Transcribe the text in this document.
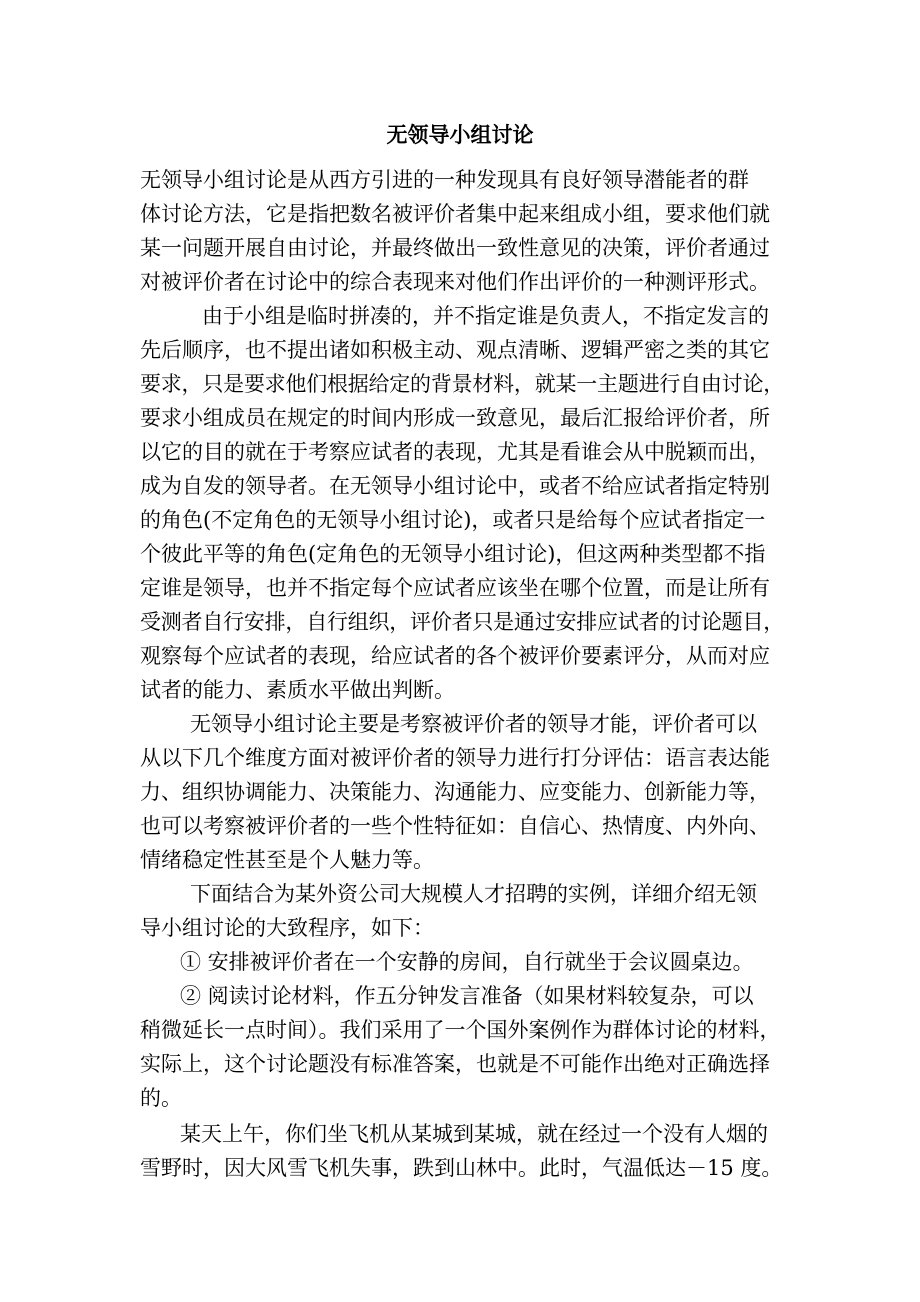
无领导小组讨论
无领导小组讨论是从西方引进的一种发现具有良好领导潜能者的群
体讨论方法，它是指把数名被评价者集中起来组成小组，要求他们就
某一问题开展自由讨论，并最终做出一致性意见的决策，评价者通过
对被评价者在讨论中的综合表现来对他们作出评价的一种测评形式。
由于小组是临时拼凑的，并不指定谁是负责人，不指定发言的
先后顺序，也不提出诸如积极主动、观点清晰、逻辑严密之类的其它
要求，只是要求他们根据给定的背景材料，就某一主题进行自由讨论，
要求小组成员在规定的时间内形成一致意见，最后汇报给评价者，所
以它的目的就在于考察应试者的表现，尤其是看谁会从中脱颖而出，
成为自发的领导者。在无领导小组讨论中，或者不给应试者指定特别
的角色(不定角色的无领导小组讨论)，或者只是给每个应试者指定一
个彼此平等的角色(定角色的无领导小组讨论)，但这两种类型都不指
定谁是领导，也并不指定每个应试者应该坐在哪个位置，而是让所有
受测者自行安排，自行组织，评价者只是通过安排应试者的讨论题目，
观察每个应试者的表现，给应试者的各个被评价要素评分，从而对应
试者的能力、素质水平做出判断。
无领导小组讨论主要是考察被评价者的领导才能，评价者可以
从以下几个维度方面对被评价者的领导力进行打分评估：语言表达能
力、组织协调能力、决策能力、沟通能力、应变能力、创新能力等，
也可以考察被评价者的一些个性特征如：自信心、热情度、内外向、
情绪稳定性甚至是个人魅力等。
下面结合为某外资公司大规模人才招聘的实例，详细介绍无领
导小组讨论的大致程序，如下：
① 安排被评价者在一个安静的房间，自行就坐于会议圆桌边。
② 阅读讨论材料，作五分钟发言准备（如果材料较复杂，可以
稍微延长一点时间）。我们采用了一个国外案例作为群体讨论的材料，
实际上，这个讨论题没有标准答案，也就是不可能作出绝对正确选择
的。
某天上午，你们坐飞机从某城到某城，就在经过一个没有人烟的
雪野时，因大风雪飞机失事，跌到山林中。此时，气温低达－15 度。
